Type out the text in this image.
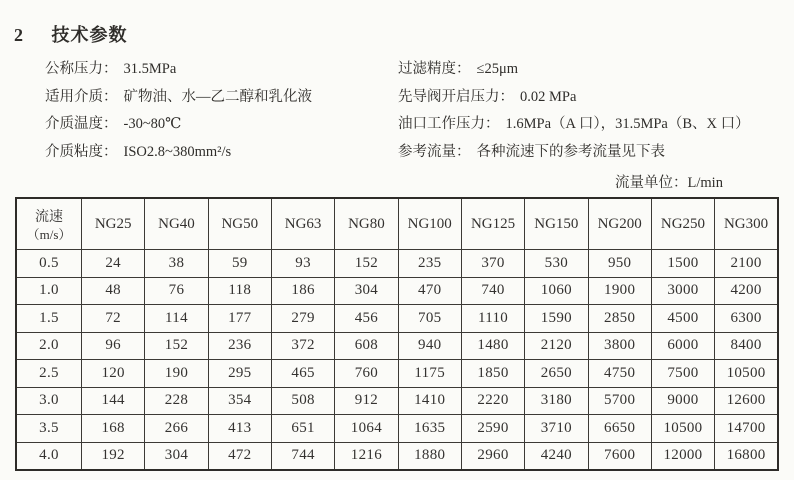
2 技术参数
公称压力： 31.5MPa
适用介质： 矿物油、水—乙二醇和乳化液
介质温度： -30~80℃
介质粘度： ISO2.8~380mm²/s
过滤精度： ≤25μm
先导阀开启压力： 0.02 MPa
油口工作压力： 1.6MPa（A 口），31.5MPa（B、X 口）
参考流量： 各种流速下的参考流量见下表
流量单位：L/min
流速
（m/s）	NG25	NG40	NG50	NG63	NG80	NG100	NG125	NG150	NG200	NG250	NG300
0.5	24	38	59	93	152	235	370	530	950	1500	2100
1.0	48	76	118	186	304	470	740	1060	1900	3000	4200
1.5	72	114	177	279	456	705	1110	1590	2850	4500	6300
2.0	96	152	236	372	608	940	1480	2120	3800	6000	8400
2.5	120	190	295	465	760	1175	1850	2650	4750	7500	10500
3.0	144	228	354	508	912	1410	2220	3180	5700	9000	12600
3.5	168	266	413	651	1064	1635	2590	3710	6650	10500	14700
4.0	192	304	472	744	1216	1880	2960	4240	7600	12000	16800
